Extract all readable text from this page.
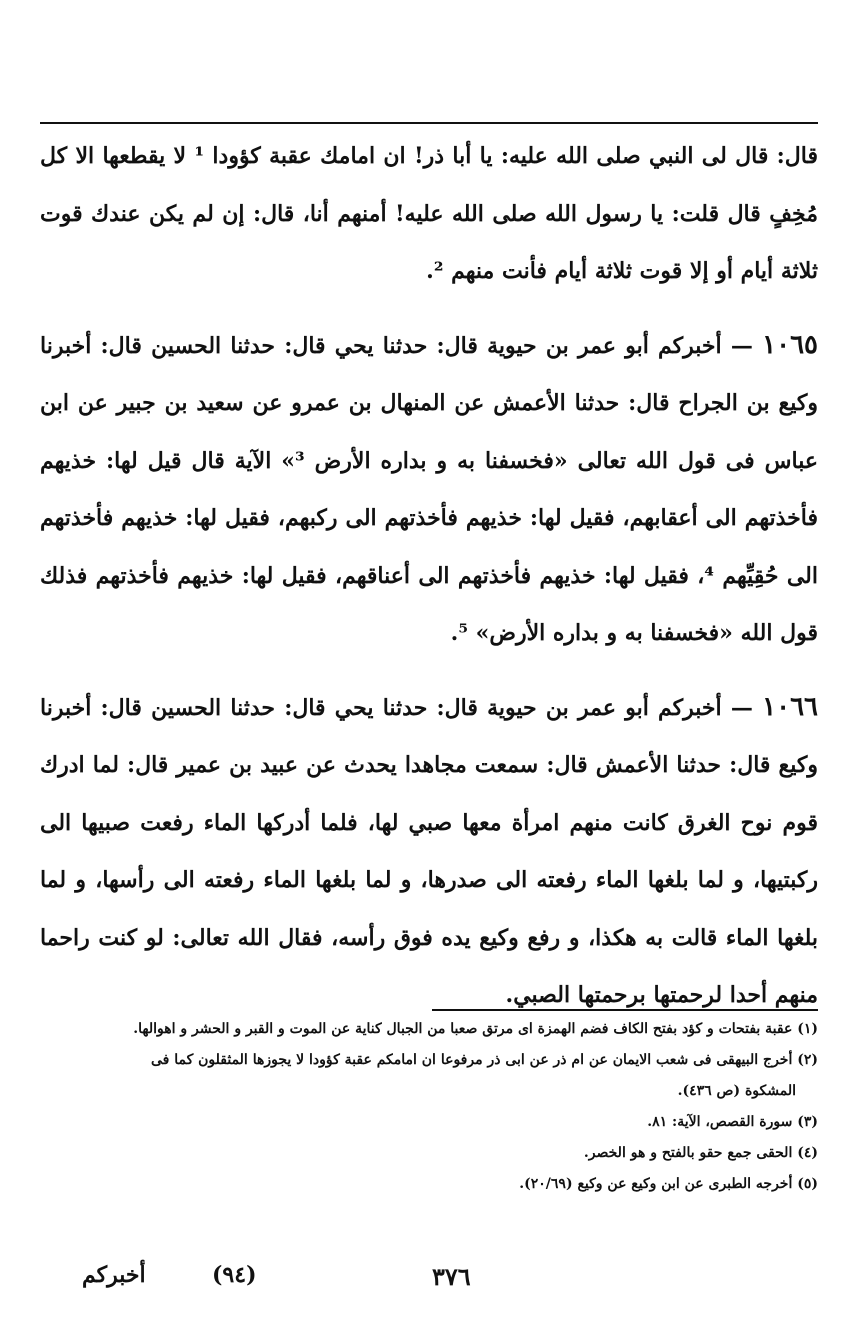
قال: قال لى النبي صلى الله عليه: يا أبا ذر! ان امامك عقبة كؤودا ¹ لا يقطعها الا كل مُخِفٍ قال قلت: يا رسول الله صلى الله عليه! أمنهم أنا، قال: إن لم يكن عندك قوت ثلاثة أيام أو إلا قوت ثلاثة أيام فأنت منهم ².

١٠٦٥ — أخبركم أبو عمر بن حيوية قال: حدثنا يحي قال: حدثنا الحسين قال: أخبرنا وكيع بن الجراح قال: حدثنا الأعمش عن المنهال بن عمرو عن سعيد بن جبير عن ابن عباس فى قول الله تعالى «فخسفنا به و بداره الأرض ³» الآية قال قيل لها: خذيهم فأخذتهم الى أعقابهم، فقيل لها: خذيهم فأخذتهم الى ركبهم، فقيل لها: خذيهم فأخذتهم الى حُقِيِّهم ⁴، فقيل لها: خذيهم فأخذتهم الى أعناقهم، فقيل لها: خذيهم فأخذتهم فذلك قول الله «فخسفنا به و بداره الأرض» ⁵.

١٠٦٦ — أخبركم أبو عمر بن حيوية قال: حدثنا يحي قال: حدثنا الحسين قال: أخبرنا وكيع قال: حدثنا الأعمش قال: سمعت مجاهدا يحدث عن عبيد بن عمير قال: لما ادرك قوم نوح الغرق كانت منهم امرأة معها صبي لها، فلما أدركها الماء رفعت صبيها الى ركبتيها، و لما بلغها الماء رفعته الى صدرها، و لما بلغها الماء رفعته الى رأسها، و لما بلغها الماء قالت به هكذا، و رفع وكيع يده فوق رأسه، فقال الله تعالى: لو كنت راحما منهم أحدا لرحمتها برحمتها الصبي.

(١) عقبة بفتحات و كؤد بفتح الكاف فضم الهمزة اى مرتق صعبا من الجبال كناية عن الموت و القبر و الحشر و اهوالها.

(٢) أخرج البيهقى فى شعب الايمان عن ام ذر عن ابى ذر مرفوعا ان امامكم عقبة كؤودا لا يجوزها المثقلون كما فى

المشكوة (ص ٤٣٦).

(٣) سورة القصص، الآية: ٨١.

(٤) الحقى جمع حقو بالفتح و هو الخصر.

(٥) أخرجه الطبرى عن ابن وكيع عن وكيع (٢٠/٦٩).

أخبركم	(٩٤)	٣٧٦
